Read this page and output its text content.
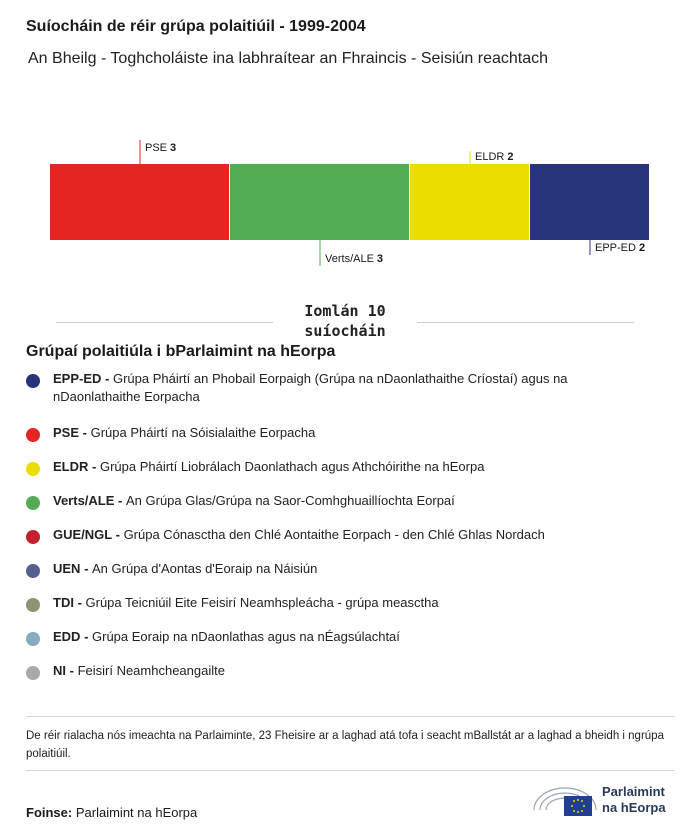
Suíocháin de réir grúpa polaitiúil - 1999-2004
An Bheilg - Toghcholáiste ina labhraítear an Fhraincis - Seisiún reachtach
PSE 3
Verts/ALE 3
ELDR 2
EPP-ED 2
Iomlán 10 suíocháin
Grúpaí polaitiúla i bParlaimint na hEorpa
EPP-ED - Grúpa Pháirtí an Phobail Eorpaigh (Grúpa na nDaonlathaithe Críostaí) agus na nDaonlathaithe Eorpacha
PSE - Grúpa Pháirtí na Sóisialaithe Eorpacha
ELDR - Grúpa Pháirtí Liobrálach Daonlathach agus Athchóirithe na hEorpa
Verts/ALE - An Grúpa Glas/Grúpa na Saor-Comhghuaillíochta Eorpaí
GUE/NGL - Grúpa Cónasctha den Chlé Aontaithe Eorpach - den Chlé Ghlas Nordach
UEN - An Grúpa d'Aontas d'Eoraip na Náisiún
TDI - Grúpa Teicniúil Eite Feisirí Neamhspleácha - grúpa measctha
EDD - Grúpa Eoraip na nDaonlathas agus na nÉagsúlachtaí
NI - Feisirí Neamhcheangailte
De réir rialacha nós imeachta na Parlaiminte, 23 Fheisire ar a laghad atá tofa i seacht mBallstát ar a laghad a bheidh i ngrúpa polaitiúil.
Foinse: Parlaimint na hEorpa
Parlaimint
na hEorpa
